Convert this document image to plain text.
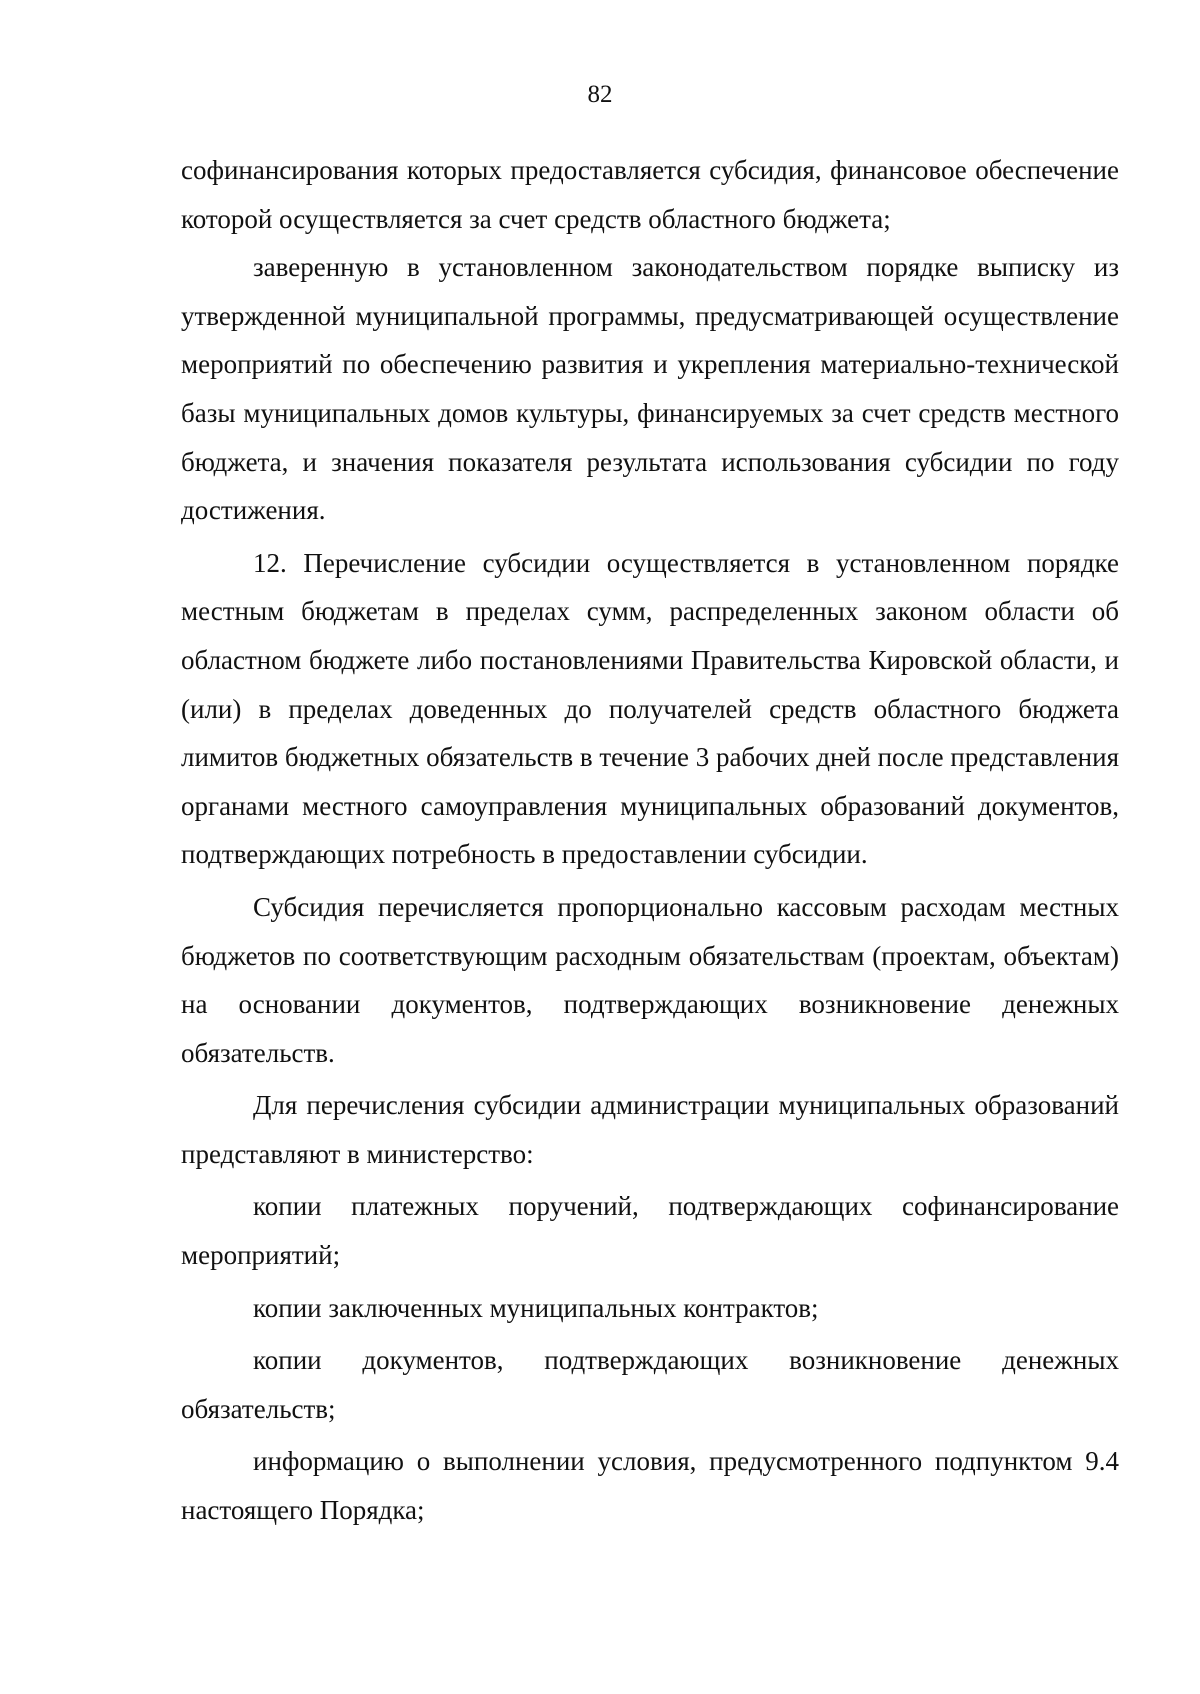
82

софинансирования которых предоставляется субсидия, финансовое обеспечение которой осуществляется за счет средств областного бюджета;

заверенную в установленном законодательством порядке выписку из утвержденной муниципальной программы, предусматривающей осуществление мероприятий по обеспечению развития и укрепления материально-технической базы муниципальных домов культуры, финансируемых за счет средств местного бюджета, и значения показателя результата использования субсидии по году достижения.

12. Перечисление субсидии осуществляется в установленном порядке местным бюджетам в пределах сумм, распределенных законом области об областном бюджете либо постановлениями Правительства Кировской области, и (или) в пределах доведенных до получателей средств областного бюджета лимитов бюджетных обязательств в течение 3 рабочих дней после представления органами местного самоуправления муниципальных образований документов, подтверждающих потребность в предоставлении субсидии.

Субсидия перечисляется пропорционально кассовым расходам местных бюджетов по соответствующим расходным обязательствам (проектам, объектам) на основании документов, подтверждающих возникновение денежных обязательств.

Для перечисления субсидии администрации муниципальных образований представляют в министерство:

копии платежных поручений, подтверждающих софинансирование мероприятий;

копии заключенных муниципальных контрактов;

копии документов, подтверждающих возникновение денежных обязательств;

информацию о выполнении условия, предусмотренного подпунктом 9.4 настоящего Порядка;
